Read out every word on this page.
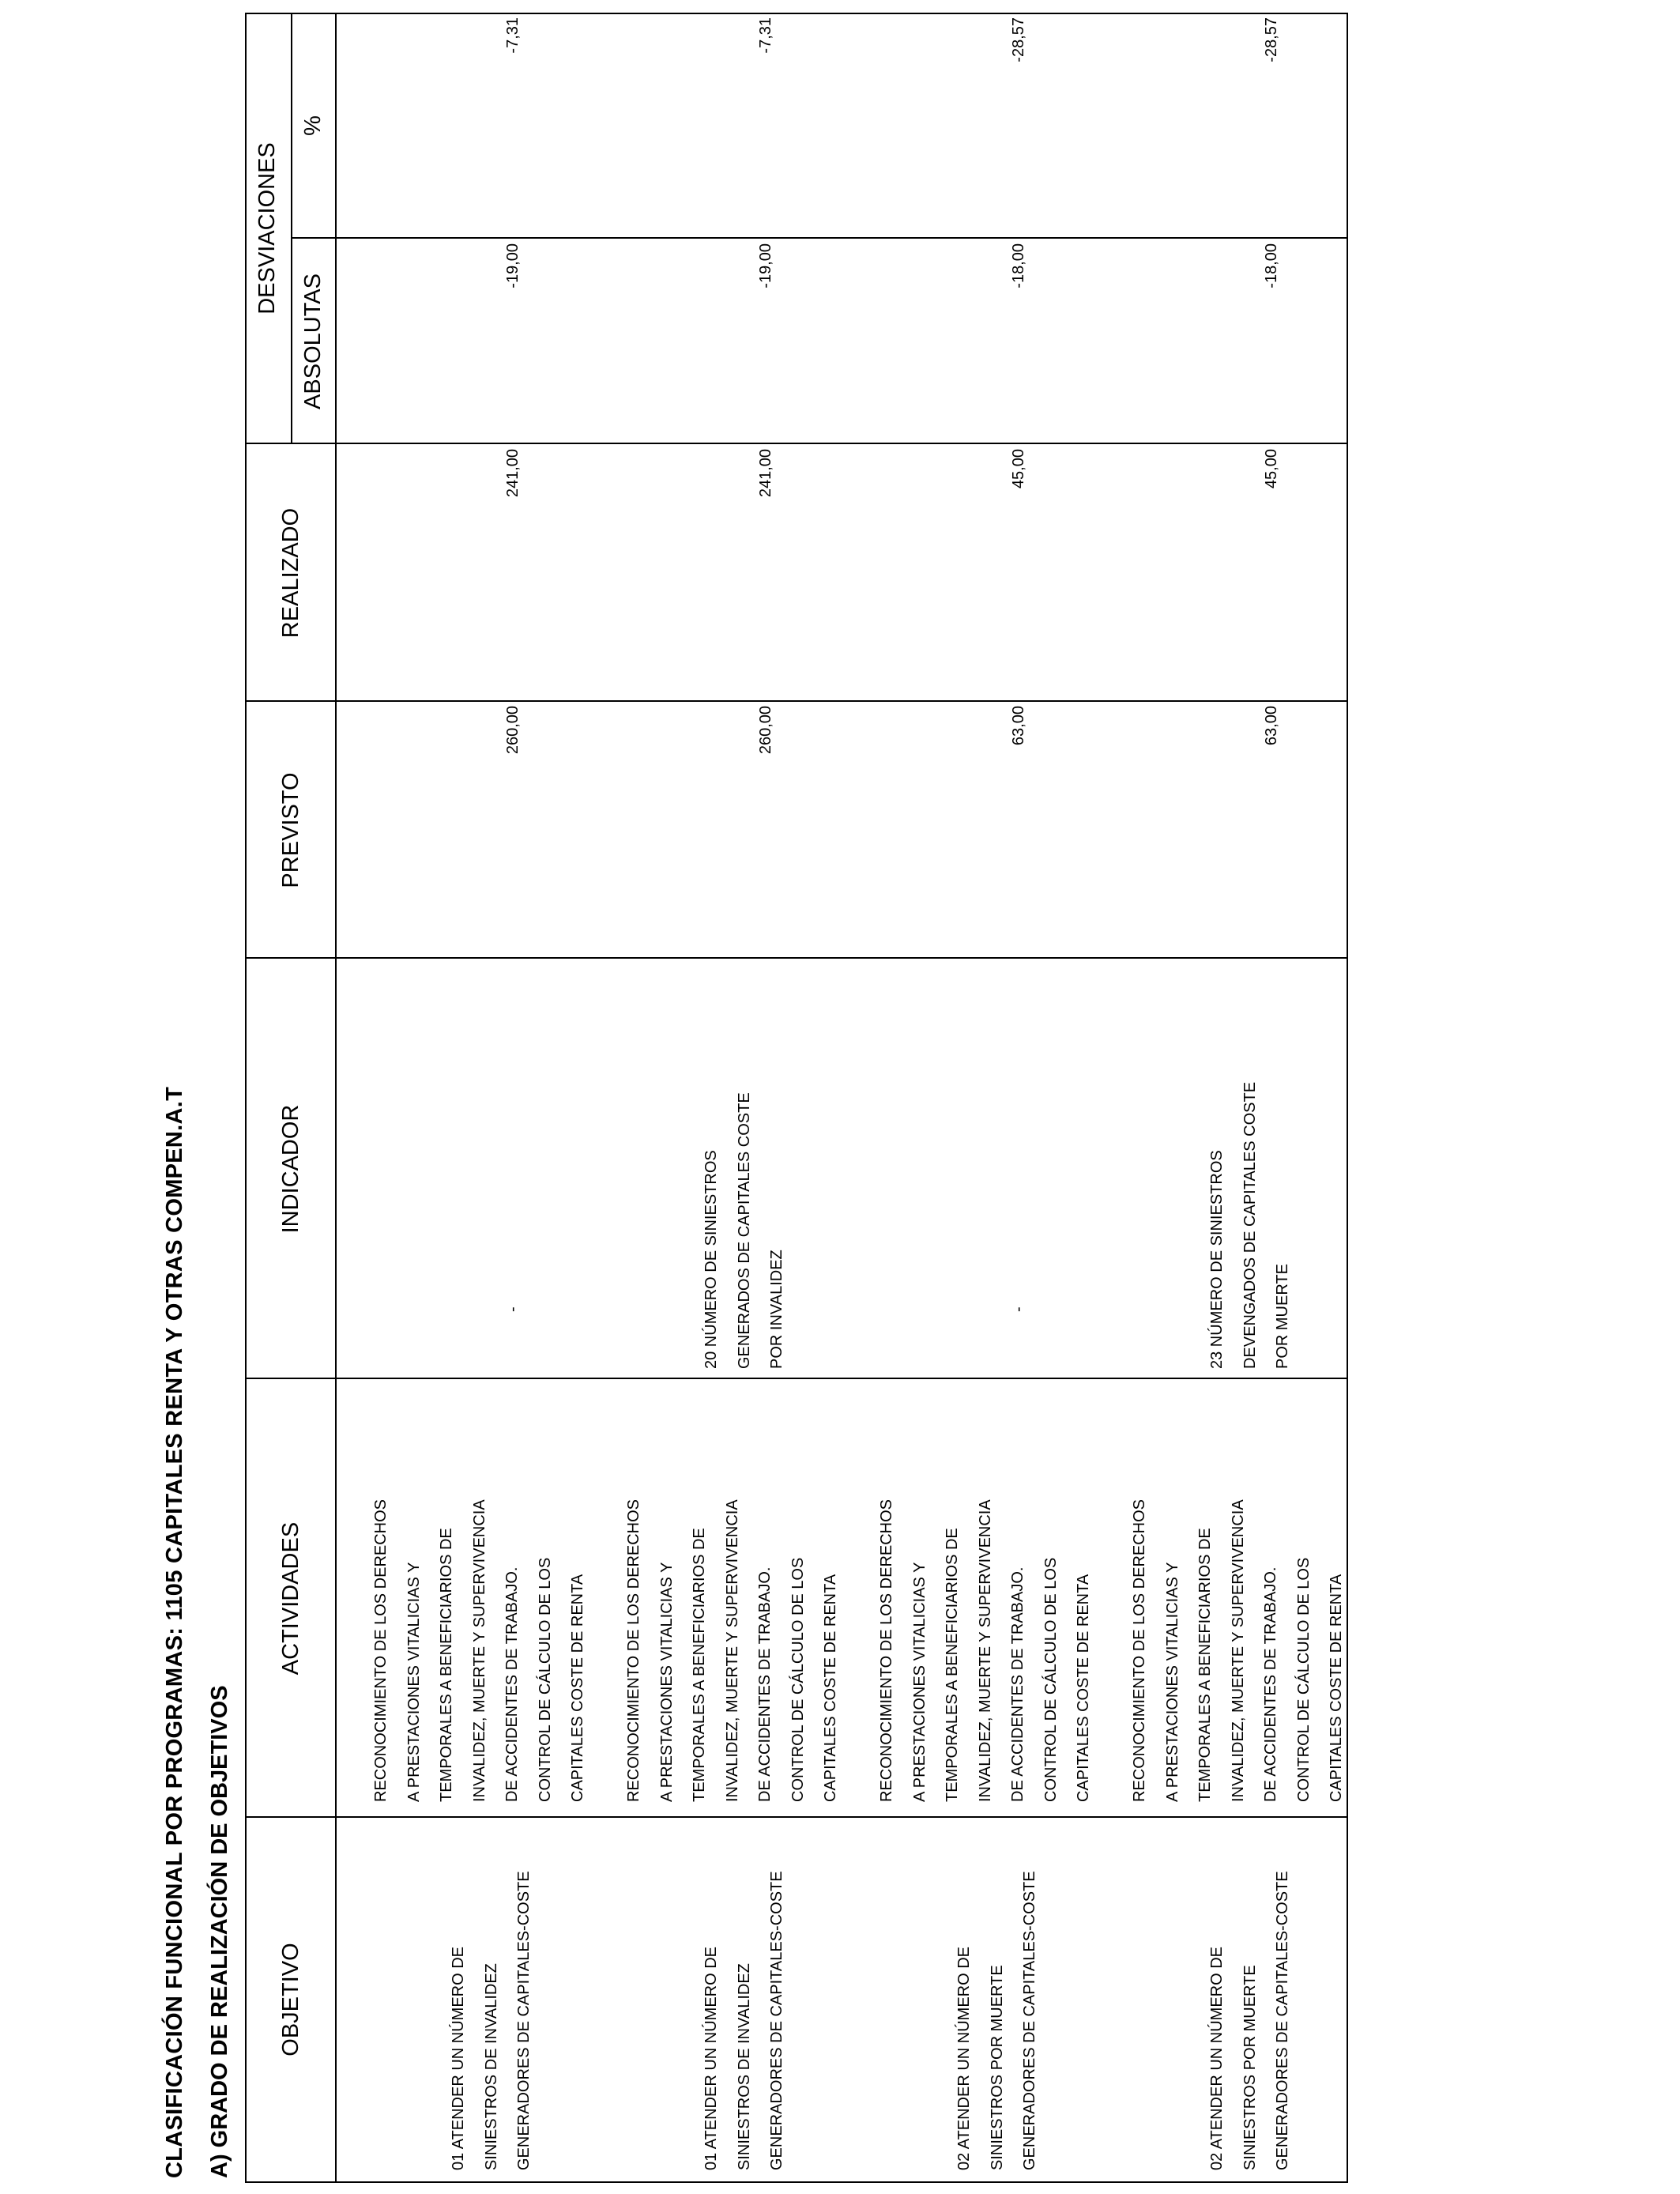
CLASIFICACIÓN FUNCIONAL POR PROGRAMAS: 1105 CAPITALES RENTA Y OTRAS COMPEN.A.T A) GRADO DE REALIZACIÓN DE OBJETIVOS OBJETIVO
ACTIVIDADES
INDICADOR
PREVISTO
REALIZADO
DESVIACIONES
ABSOLUTAS
%
01 ATENDER UN NÚMERO DE SINIESTROS DE INVALIDEZ GENERADORES DE CAPITALES-COSTE
RECONOCIMIENTO DE LOS DERECHOS A PRESTACIONES VITALICIAS Y TEMPORALES A BENEFICIARIOS DE INVALIDEZ, MUERTE Y SUPERVIVENCIA DE ACCIDENTES DE TRABAJO. CONTROL DE CÁLCULO DE LOS CAPITALES COSTE DE RENTA
-
260,00
241,00
-19,00
-7,31
01 ATENDER UN NÚMERO DE SINIESTROS DE INVALIDEZ GENERADORES DE CAPITALES-COSTE
RECONOCIMIENTO DE LOS DERECHOS A PRESTACIONES VITALICIAS Y TEMPORALES A BENEFICIARIOS DE INVALIDEZ, MUERTE Y SUPERVIVENCIA DE ACCIDENTES DE TRABAJO. CONTROL DE CÁLCULO DE LOS CAPITALES COSTE DE RENTA
20 NÚMERO DE SINIESTROS GENERADOS DE CAPITALES COSTE POR INVALIDEZ
260,00
241,00
-19,00
-7,31
02 ATENDER UN NÚMERO DE SINIESTROS POR MUERTE GENERADORES DE CAPITALES-COSTE
RECONOCIMIENTO DE LOS DERECHOS A PRESTACIONES VITALICIAS Y TEMPORALES A BENEFICIARIOS DE INVALIDEZ, MUERTE Y SUPERVIVENCIA DE ACCIDENTES DE TRABAJO. CONTROL DE CÁLCULO DE LOS CAPITALES COSTE DE RENTA
-
63,00
45,00
-18,00
-28,57
02 ATENDER UN NÚMERO DE SINIESTROS POR MUERTE GENERADORES DE CAPITALES-COSTE
RECONOCIMIENTO DE LOS DERECHOS A PRESTACIONES VITALICIAS Y TEMPORALES A BENEFICIARIOS DE INVALIDEZ, MUERTE Y SUPERVIVENCIA DE ACCIDENTES DE TRABAJO. CONTROL DE CÁLCULO DE LOS CAPITALES COSTE DE RENTA
23 NÚMERO DE SINIESTROS DEVENGADOS DE CAPITALES COSTE POR MUERTE
63,00
45,00
-18,00
-28,57
